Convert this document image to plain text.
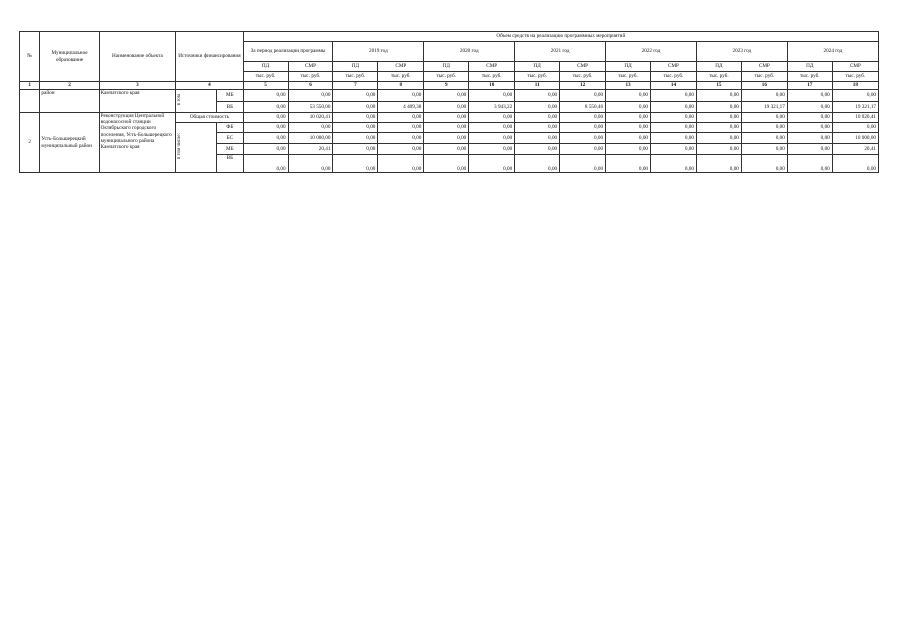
№	Муниципальное образование	Наименование объекта	Источники финансирования		Объем средств на реализацию программных мероприятий													
					За период реализации программы		2019 год		2020 год		2021 год		2022 год		2023 год		2024 год	
					ПД	СМР	ПД	СМР	ПД	СМР	ПД	СМР	ПД	СМР	ПД	СМР	ПД	СМР
					тыс. руб.	тыс. руб.	тыс. руб.	тыс. руб.	тыс. руб.	тыс. руб.	тыс. руб.	тыс. руб.	тыс. руб.	тыс. руб.	тыс. руб.	тыс. руб.	тыс. руб.	тыс. руб.
1	2	3	4		5	6	7	8	9	10	11	12	13	14	15	16	17	18
	район	Камчатского края	в том	МБ	0,00	0,00	0,00	0,00	0,00	0,00	0,00	0,00	0,00	0,00	0,00	0,00	0,00	0,00
				ВБ	0,00	53 550,00	0,00	4 409,38	0,00	3 943,22	0,00	8 550,46	0,00	0,00	0,00	19 321,17	0,00	19 321,17
2	Усть-Большерецкий муниципальный район	Реконструкция Центральной водонасосной станции Октябрьского городского поселения, Усть-Большерецкого муниципального района Камчатского края	Общая стоимость		0,00	10 020,41	0,00	0,00	0,00	0,00	0,00	0,00	0,00	0,00	0,00	0,00	0,00	10 020,41
			в том числе:	ФБ	0,00	0,00	0,00	0,00	0,00	0,00	0,00	0,00	0,00	0,00	0,00	0,00	0,00	0,00
				БС	0,00	10 000,00	0,00	0,00	0,00	0,00	0,00	0,00	0,00	0,00	0,00	0,00	0,00	10 000,00
				МБ	0,00	20,41	0,00	0,00	0,00	0,00	0,00	0,00	0,00	0,00	0,00	0,00	0,00	20,41
				ВБ	0,00	0,00	0,00	0,00	0,00	0,00	0,00	0,00	0,00	0,00	0,00	0,00	0,00	0,00
